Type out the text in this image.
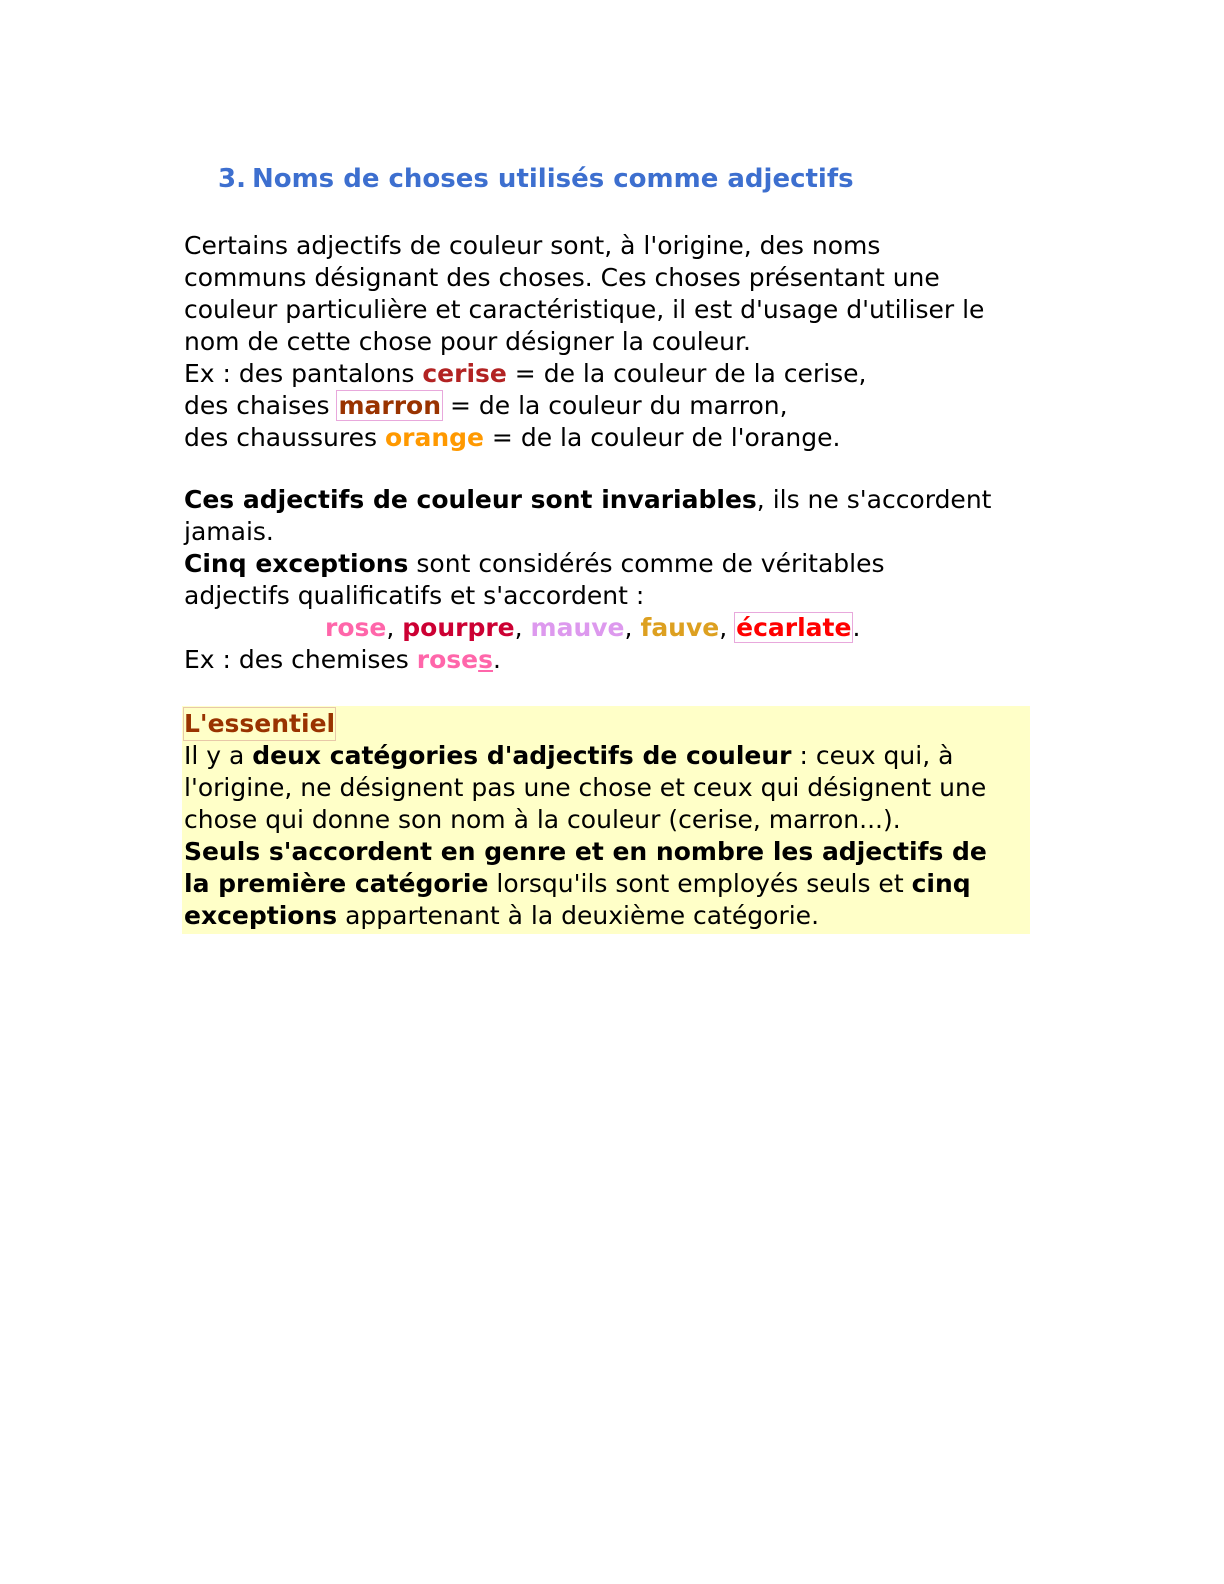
3. Noms de choses utilisés comme adjectifs

Certains adjectifs de couleur sont, à l'origine, des noms

communs désignant des choses. Ces choses présentant une

couleur particulière et caractéristique, il est d'usage d'utiliser le

nom de cette chose pour désigner la couleur.

Ex : des pantalons cerise = de la couleur de la cerise,

des chaises marron = de la couleur du marron,

des chaussures orange = de la couleur de l'orange.

Ces adjectifs de couleur sont invariables, ils ne s'accordent

jamais.

Cinq exceptions sont considérés comme de véritables

adjectifs qualificatifs et s'accordent :

rose, pourpre, mauve, fauve, écarlate.

Ex : des chemises roses.

L'essentiel

Il y a deux catégories d'adjectifs de couleur : ceux qui, à

l'origine, ne désignent pas une chose et ceux qui désignent une

chose qui donne son nom à la couleur (cerise, marron...).

Seuls s'accordent en genre et en nombre les adjectifs de

la première catégorie lorsqu'ils sont employés seuls et cinq

exceptions appartenant à la deuxième catégorie.
